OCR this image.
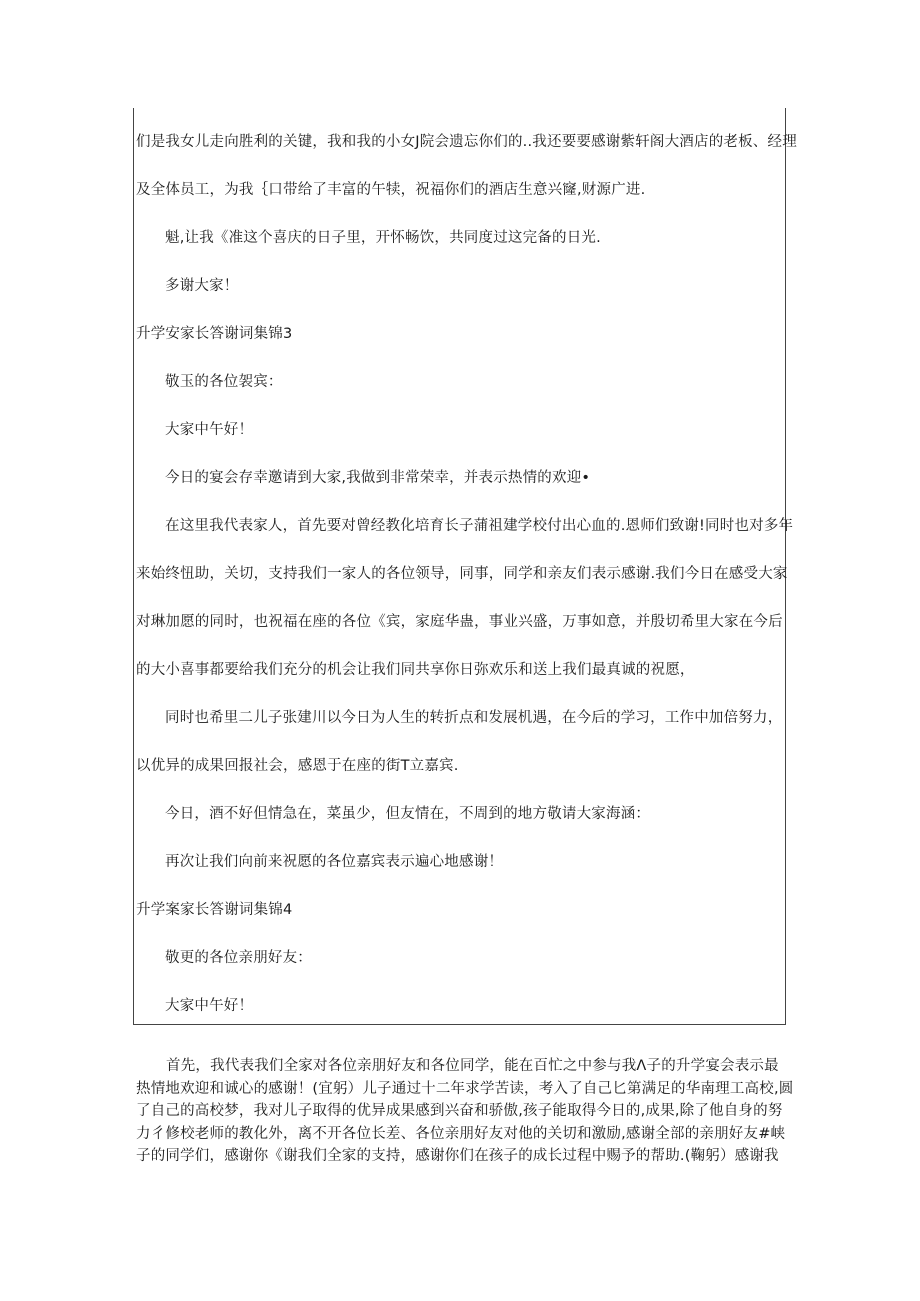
们是我女儿走向胜利的关键，我和我的小女J院会遗忘你们的..我还要要感谢紫轩阁大酒店的老板、经理
及全体员工，为我｛口带给了丰富的午犊，祝福你们的酒店生意兴窿,财源广进.
魁,让我《准这个喜庆的日子里，开怀畅饮，共同度过这完备的日光.
多谢大家！
升学安家长答谢词集锦3
敬玉的各位袈宾：
大家中午好！
今日的宴会存幸邀请到大家,我做到非常荣幸，并表示热情的欢迎•
在这里我代表家人，首先要对曾经教化培育长子蒲祖建学校付出心血的.恩师们致谢!同时也对多年
来始终忸助，关切，支持我们一家人的各位领导，同事，同学和亲友们表示感谢.我们今日在感受大家
对琳加愿的同时，也祝福在座的各位《宾，家庭华蛊，事业兴盛，万事如意，并殷切希里大家在今后
的大小喜事都要给我们充分的机会让我们同共享你日弥欢乐和送上我们最真诚的祝愿，
同时也希里二儿子张建川以今日为人生的转折点和发展机遇，在今后的学习，工作中加倍努力，
以优异的成果回报社会，感恩于在座的街T立嘉宾.
今日，酒不好但情急在，菜虽少，但友情在，不周到的地方敬请大家海涵：
再次让我们向前来祝愿的各位嘉宾表示遍心地感谢！
升学案家长答谢词集锦4
敬更的各位亲朋好友：
大家中午好！
首先，我代表我们全家对各位亲朋好友和各位同学，能在百忙之中参与我Λ子的升学宴会表示最
热情地欢迎和诚心的感谢！(宜躬）儿子通过十二年求学苦读，考入了自己匕第满足的华南理工高校,圆
了自己的高校梦，我对儿子取得的优异成果感到兴奋和骄傲,孩子能取得今日的,成果,除了他自身的努
力彳修校老师的教化外，离不开各位长差、各位亲朋好友对他的关切和激励,感谢全部的亲朋好友#峡
子的同学们，感谢你《谢我们全家的支持，感谢你们在孩子的成长过程中赐予的帮助.(鞠躬）感谢我
